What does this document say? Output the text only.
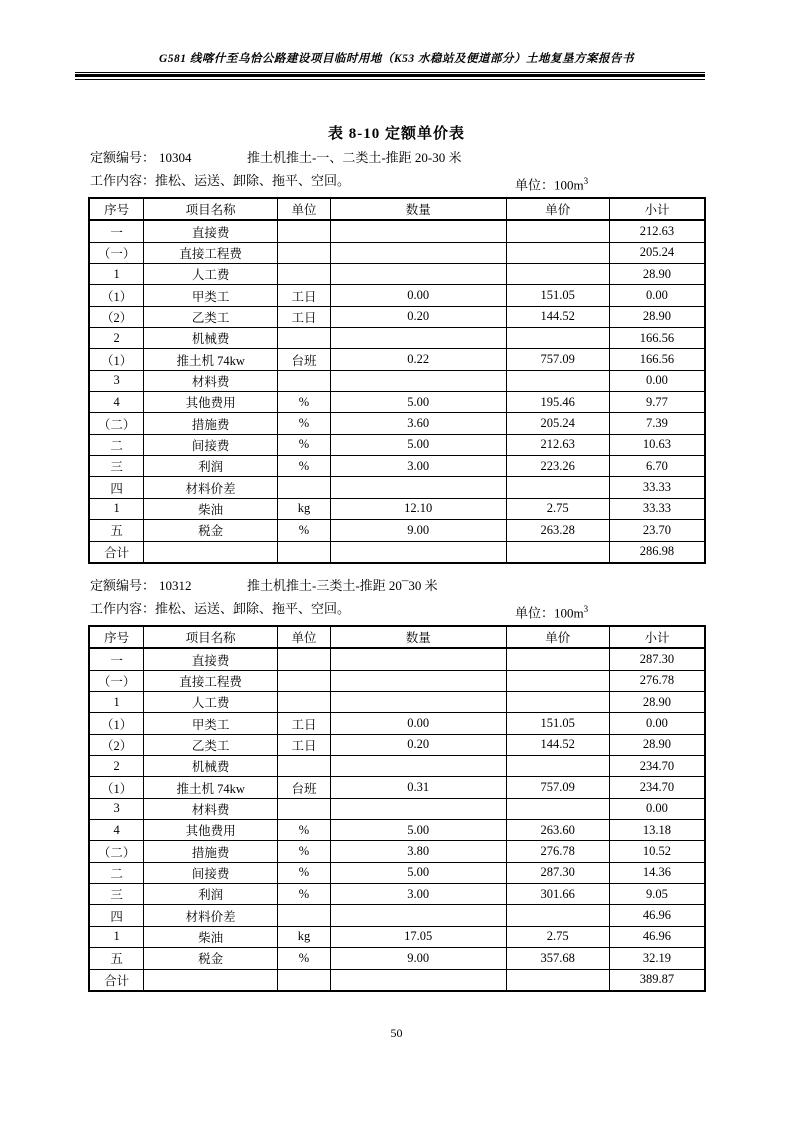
G581 线喀什至乌恰公路建设项目临时用地（K53 水稳站及便道部分）土地复垦方案报告书
表 8-10 定额单价表
定额编号： 10304	推土机推土-一、二类土-推距 20-30 米
工作内容：推松、运送、卸除、拖平、空回。	单位：$100m^3$
序号	项目名称	单位	数量	单价	小计
一	直接费				212.63
（一）	直接工程费				205.24
1	人工费				28.90
（1）	甲类工	工日	0.00	151.05	0.00
（2）	乙类工	工日	0.20	144.52	28.90
2	机械费				166.56
（1）	推土机 74kw	台班	0.22	757.09	166.56
3	材料费				0.00
4	其他费用	%	5.00	195.46	9.77
（二）	措施费	%	3.60	205.24	7.39
二	间接费	%	5.00	212.63	10.63
三	利润	%	3.00	223.26	6.70
四	材料价差				33.33
1	柴油	kg	12.10	2.75	33.33
五	税金	%	9.00	263.28	23.70
合计					286.98
定额编号： 10312	推土机推土-三类土-推距 20¯30 米
工作内容：推松、运送、卸除、拖平、空回。	单位：$100m^3$
序号	项目名称	单位	数量	单价	小计
一	直接费				287.30
（一）	直接工程费				276.78
1	人工费				28.90
（1）	甲类工	工日	0.00	151.05	0.00
（2）	乙类工	工日	0.20	144.52	28.90
2	机械费				234.70
（1）	推土机 74kw	台班	0.31	757.09	234.70
3	材料费				0.00
4	其他费用	%	5.00	263.60	13.18
（二）	措施费	%	3.80	276.78	10.52
二	间接费	%	5.00	287.30	14.36
三	利润	%	3.00	301.66	9.05
四	材料价差				46.96
1	柴油	kg	17.05	2.75	46.96
五	税金	%	9.00	357.68	32.19
合计					389.87
50
